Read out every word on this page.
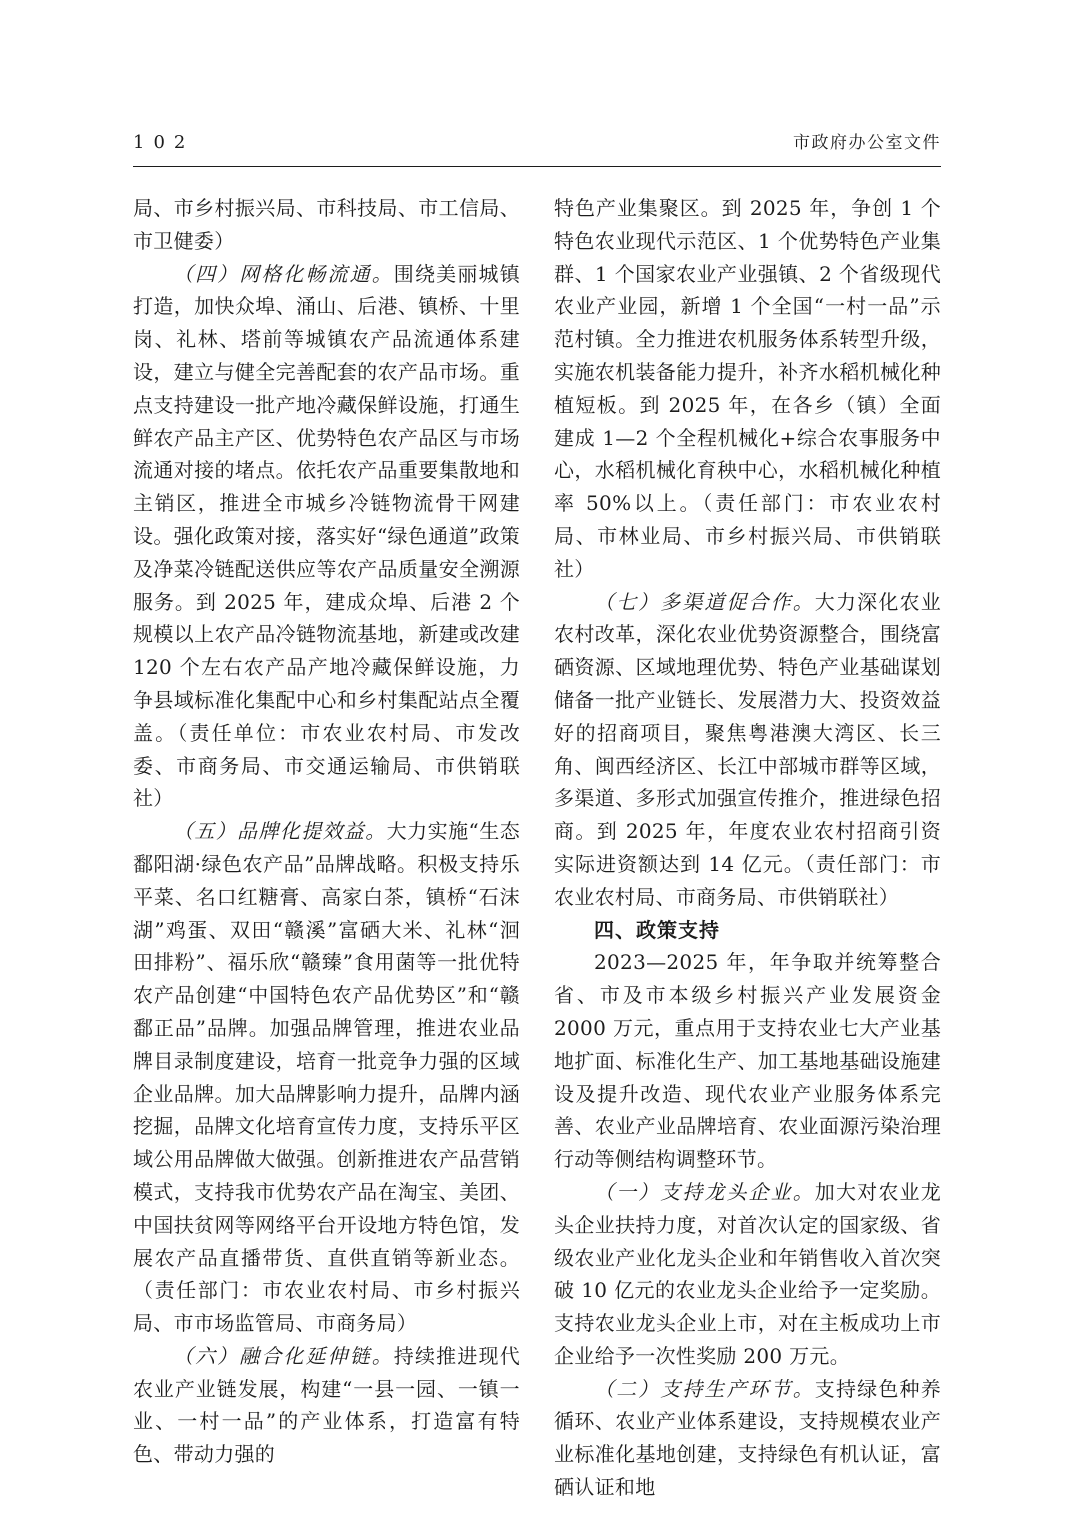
102	市政府办公室文件

局、市乡村振兴局、市科技局、市工信局、市卫健委）

（四）网格化畅流通。围绕美丽城镇打造，加快众埠、涌山、后港、镇桥、十里岗、礼林、塔前等城镇农产品流通体系建设，建立与健全完善配套的农产品市场。重点支持建设一批产地冷藏保鲜设施，打通生鲜农产品主产区、优势特色农产品区与市场流通对接的堵点。依托农产品重要集散地和主销区，推进全市城乡冷链物流骨干网建设。强化政策对接，落实好“绿色通道”政策及净菜冷链配送供应等农产品质量安全溯源服务。到 2025 年，建成众埠、后港 2 个规模以上农产品冷链物流基地，新建或改建 120 个左右农产品产地冷藏保鲜设施，力争县域标准化集配中心和乡村集配站点全覆盖。（责任单位：市农业农村局、市发改委、市商务局、市交通运输局、市供销联社）

（五）品牌化提效益。大力实施“生态鄱阳湖·绿色农产品”品牌战略。积极支持乐平菜、名口红糖膏、高家白茶，镇桥“石沫湖”鸡蛋、双田“赣溪”富硒大米、礼林“洄田排粉”、福乐欣“赣臻”食用菌等一批优特农产品创建“中国特色农产品优势区”和“赣鄱正品”品牌。加强品牌管理，推进农业品牌目录制度建设，培育一批竞争力强的区域企业品牌。加大品牌影响力提升，品牌内涵挖掘，品牌文化培育宣传力度，支持乐平区域公用品牌做大做强。创新推进农产品营销模式，支持我市优势农产品在淘宝、美团、中国扶贫网等网络平台开设地方特色馆，发展农产品直播带货、直供直销等新业态。（责任部门：市农业农村局、市乡村振兴局、市市场监管局、市商务局）

（六）融合化延伸链。持续推进现代农业产业链发展，构建“一县一园、一镇一业、一村一品”的产业体系，打造富有特色、带动力强的

特色产业集聚区。到 2025 年，争创 1 个特色农业现代示范区、1 个优势特色产业集群、1 个国家农业产业强镇、2 个省级现代农业产业园，新增 1 个全国“一村一品”示范村镇。全力推进农机服务体系转型升级，实施农机装备能力提升，补齐水稻机械化种植短板。到 2025 年，在各乡（镇）全面建成 1—2 个全程机械化+综合农事服务中心，水稻机械化育秧中心，水稻机械化种植率 50%以上。（责任部门：市农业农村局、市林业局、市乡村振兴局、市供销联社）

（七）多渠道促合作。大力深化农业农村改革，深化农业优势资源整合，围绕富硒资源、区域地理优势、特色产业基础谋划储备一批产业链长、发展潜力大、投资效益好的招商项目，聚焦粤港澳大湾区、长三角、闽西经济区、长江中部城市群等区域，多渠道、多形式加强宣传推介，推进绿色招商。到 2025 年，年度农业农村招商引资实际进资额达到 14 亿元。（责任部门：市农业农村局、市商务局、市供销联社）

四、政策支持

2023—2025 年，年争取并统筹整合省、市及市本级乡村振兴产业发展资金 2000 万元，重点用于支持农业七大产业基地扩面、标准化生产、加工基地基础设施建设及提升改造、现代农业产业服务体系完善、农业产业品牌培育、农业面源污染治理行动等侧结构调整环节。

（一）支持龙头企业。加大对农业龙头企业扶持力度，对首次认定的国家级、省级农业产业化龙头企业和年销售收入首次突破 10 亿元的农业龙头企业给予一定奖励。支持农业龙头企业上市，对在主板成功上市企业给予一次性奖励 200 万元。

（二）支持生产环节。支持绿色种养循环、农业产业体系建设，支持规模农业产业标准化基地创建，支持绿色有机认证，富硒认证和地
